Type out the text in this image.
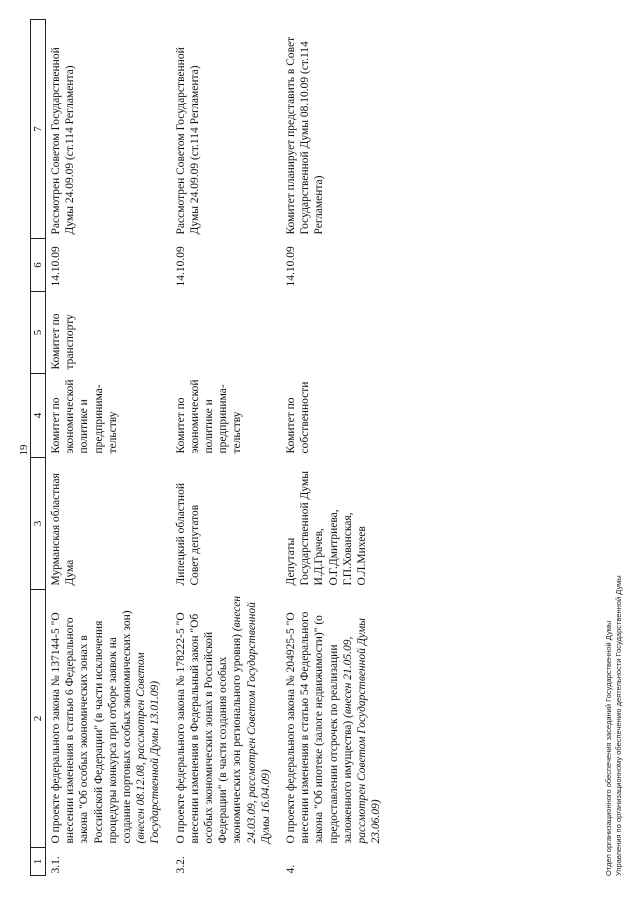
19
1	2	3	4	5	6	7
3.1.	О проекте федерального закона № 137144-5 "О внесении изменения в статью 6 Федерального закона "Об особых экономических зонах в Российской Федерации" (в части исключения процедуры конкурса при отборе заявок на создание портовых особых экономических зон) (внесен 08.12.08, рассмотрен Советом Государственной Думы 13.01.09)	Мурманская областная Дума	Комитет по экономической политике и предпринима-тельству	Комитет по транспорту	14.10.09	Рассмотрен Советом Государственной Думы 24.09.09 (ст.114 Регламента)
3.2.	О проекте федерального закона № 178222-5 "О внесении изменения в Федеральный закон "Об особых экономических зонах в Российской Федерации" (в части создания особых экономических зон регионального уровня) (внесен 24.03.09, рассмотрен Советом Государственной Думы 16.04.09)	Липецкий областной Совет депутатов	Комитет по экономической политике и предпринима-тельству		14.10.09	Рассмотрен Советом Государственной Думы 24.09.09 (ст.114 Регламента)
4.	О проекте федерального закона № 204925-5 "О внесении изменения в статью 54 Федерального закона "Об ипотеке (залоге недвижимости)" (о предоставлении отсрочек по реализации заложенного имущества) (внесен 21.05.09, рассмотрен Советом Государственной Думы 23.06.09)	Депутаты Государственной Думы И.Д.Грачев, О.Г.Дмитриева, Г.П.Хованская, О.Л.Михеев	Комитет по собственности		14.10.09	Комитет планирует представить в Совет Государственной Думы 08.10.09 (ст.114 Регламента)
Отдел организационного обеспечения заседаний Государственной Думы Управления по организационному обеспечению деятельности Государственной Думы
